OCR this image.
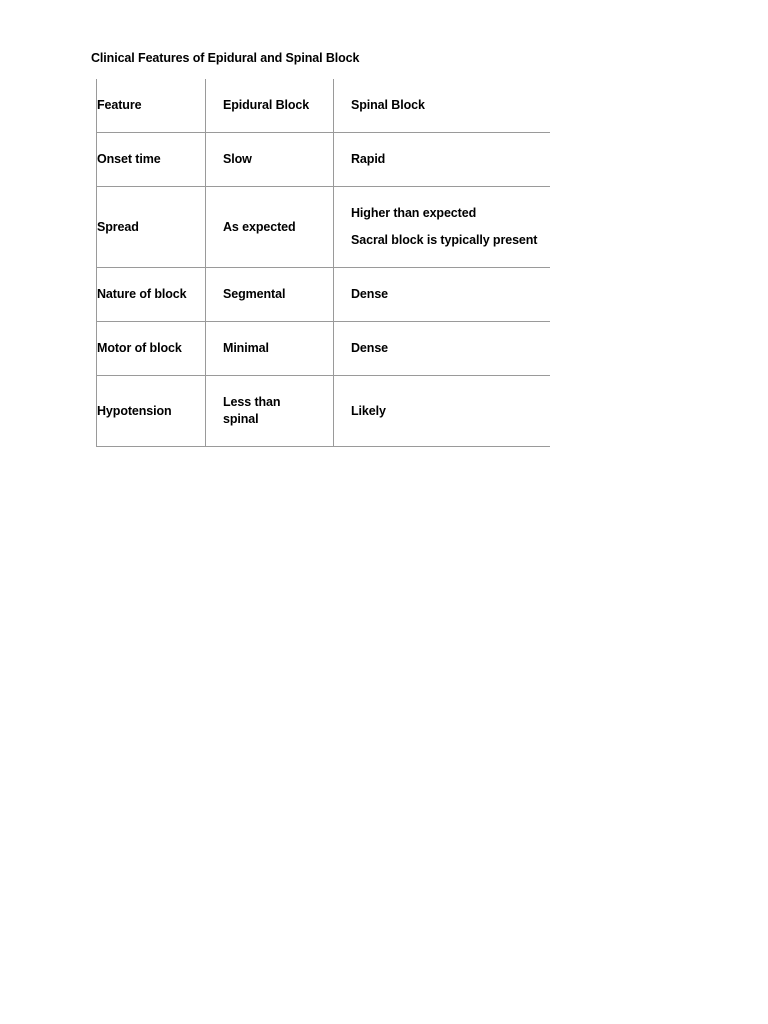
Clinical Features of Epidural and Spinal Block
Feature	Epidural Block	Spinal Block

Onset time	Slow	Rapid

Spread	As expected	Higher than expected
Sacral block is typically present

Nature of block	Segmental	Dense

Motor of block	Minimal	Dense

Hypotension	Less than spinal	Likely
